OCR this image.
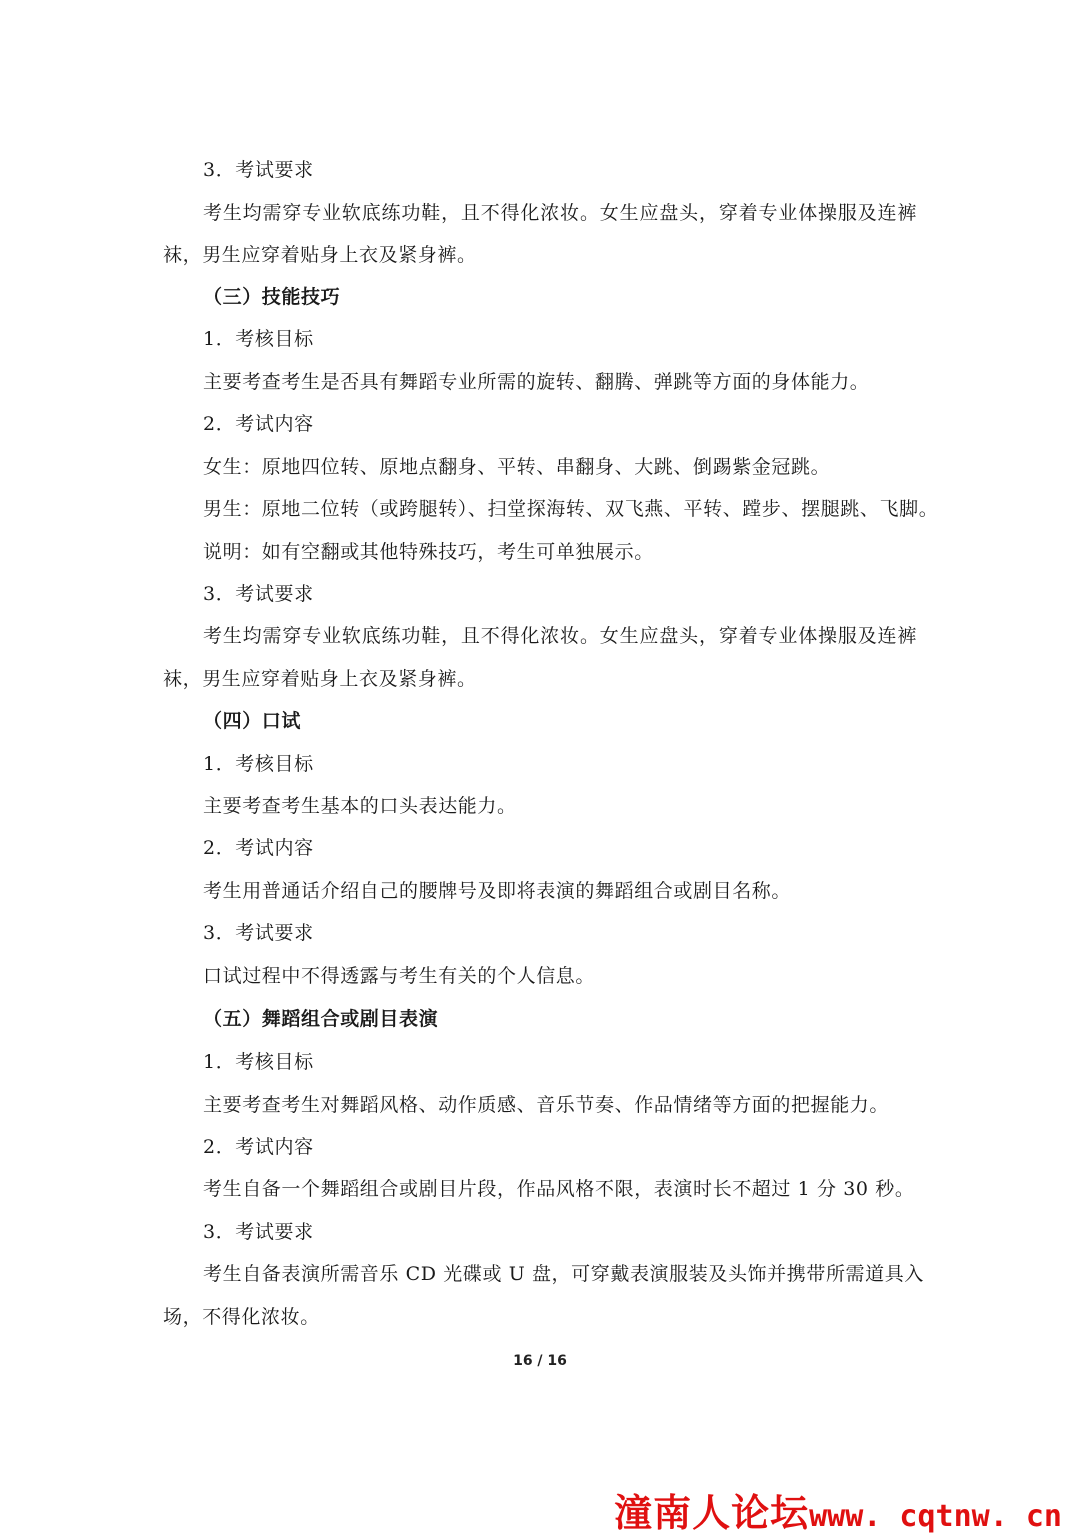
3．考试要求
考生均需穿专业软底练功鞋，且不得化浓妆。女生应盘头，穿着专业体操服及连裤
袜，男生应穿着贴身上衣及紧身裤。
（三）技能技巧
1．考核目标
主要考查考生是否具有舞蹈专业所需的旋转、翻腾、弹跳等方面的身体能力。
2．考试内容
女生：原地四位转、原地点翻身、平转、串翻身、大跳、倒踢紫金冠跳。
男生：原地二位转（或跨腿转）、扫堂探海转、双飞燕、平转、蹚步、摆腿跳、飞脚。
说明：如有空翻或其他特殊技巧，考生可单独展示。
3．考试要求
考生均需穿专业软底练功鞋，且不得化浓妆。女生应盘头，穿着专业体操服及连裤
袜，男生应穿着贴身上衣及紧身裤。
（四）口试
1．考核目标
主要考查考生基本的口头表达能力。
2．考试内容
考生用普通话介绍自己的腰牌号及即将表演的舞蹈组合或剧目名称。
3．考试要求
口试过程中不得透露与考生有关的个人信息。
（五）舞蹈组合或剧目表演
1．考核目标
主要考查考生对舞蹈风格、动作质感、音乐节奏、作品情绪等方面的把握能力。
2．考试内容
考生自备一个舞蹈组合或剧目片段，作品风格不限，表演时长不超过 1 分 30 秒。
3．考试要求
考生自备表演所需音乐 CD 光碟或 U 盘，可穿戴表演服装及头饰并携带所需道具入
场，不得化浓妆。
16 / 16
潼南人论坛www. cqtnw. cn
